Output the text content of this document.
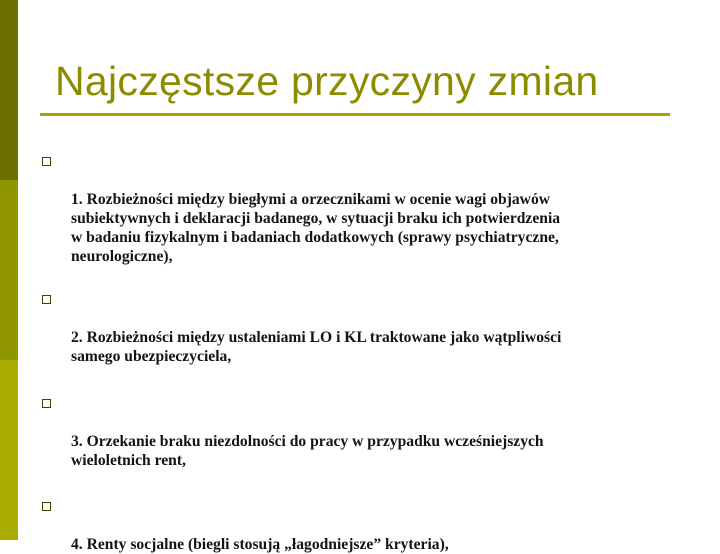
Najczęstsze przyczyny zmian

1. Rozbieżności między biegłymi a orzecznikami w ocenie wagi objawów
subiektywnych i deklaracji badanego, w sytuacji braku ich potwierdzenia
w badaniu fizykalnym i badaniach dodatkowych (sprawy psychiatryczne,
neurologiczne),

2. Rozbieżności między ustaleniami LO i KL traktowane jako wątpliwości
samego ubezpieczyciela,

3. Orzekanie braku niezdolności do pracy w przypadku wcześniejszych
wieloletnich rent,

4. Renty socjalne (biegli stosują „łagodniejsze” kryteria),
